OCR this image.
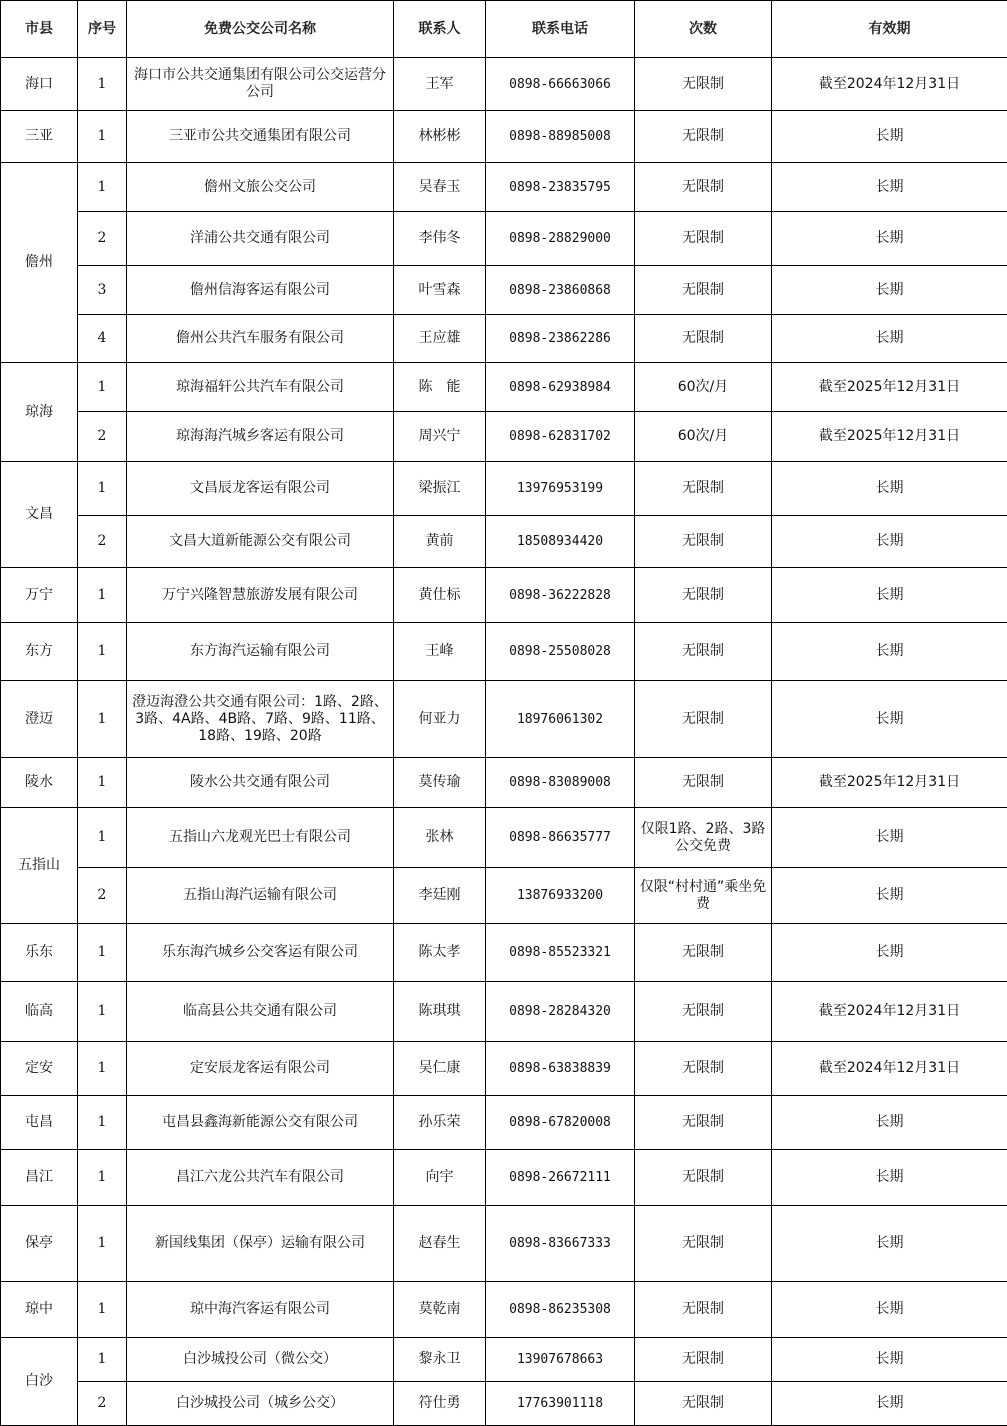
市县	序号	免费公交公司名称	联系人	联系电话	次数	有效期
海口	1	海口市公共交通集团有限公司公交运营分公司	王军	0898-66663066	无限制	截至2024年12月31日
三亚	1	三亚市公共交通集团有限公司	林彬彬	0898-88985008	无限制	长期
儋州	1	儋州文旅公交公司	吴春玉	0898-23835795	无限制	长期
	2	洋浦公共交通有限公司	李伟冬	0898-28829000	无限制	长期
	3	儋州信海客运有限公司	叶雪森	0898-23860868	无限制	长期
	4	儋州公共汽车服务有限公司	王应雄	0898-23862286	无限制	长期
琼海	1	琼海福轩公共汽车有限公司	陈　能	0898-62938984	60次/月	截至2025年12月31日
	2	琼海海汽城乡客运有限公司	周兴宁	0898-62831702	60次/月	截至2025年12月31日
文昌	1	文昌辰龙客运有限公司	梁振江	13976953199	无限制	长期
	2	文昌大道新能源公交有限公司	黄前	18508934420	无限制	长期
万宁	1	万宁兴隆智慧旅游发展有限公司	黄仕标	0898-36222828	无限制	长期
东方	1	东方海汽运输有限公司	王峰	0898-25508028	无限制	长期
澄迈	1	澄迈海澄公共交通有限公司：1路、2路、3路、4A路、4B路、7路、9路、11路、18路、19路、20路	何亚力	18976061302	无限制	长期
陵水	1	陵水公共交通有限公司	莫传瑜	0898-83089008	无限制	截至2025年12月31日
五指山	1	五指山六龙观光巴士有限公司	张林	0898-86635777	仅限1路、2路、3路公交免费	长期
	2	五指山海汽运输有限公司	李廷刚	13876933200	仅限“村村通”乘坐免费	长期
乐东	1	乐东海汽城乡公交客运有限公司	陈太孝	0898-85523321	无限制	长期
临高	1	临高县公共交通有限公司	陈琪琪	0898-28284320	无限制	截至2024年12月31日
定安	1	定安辰龙客运有限公司	吴仁康	0898-63838839	无限制	截至2024年12月31日
屯昌	1	屯昌县鑫海新能源公交有限公司	孙乐荣	0898-67820008	无限制	长期
昌江	1	昌江六龙公共汽车有限公司	向宇	0898-26672111	无限制	长期
保亭	1	新国线集团（保亭）运输有限公司	赵春生	0898-83667333	无限制	长期
琼中	1	琼中海汽客运有限公司	莫乾南	0898-86235308	无限制	长期
白沙	1	白沙城投公司（微公交）	黎永卫	13907678663	无限制	长期
	2	白沙城投公司（城乡公交）	符仕勇	17763901118	无限制	长期
